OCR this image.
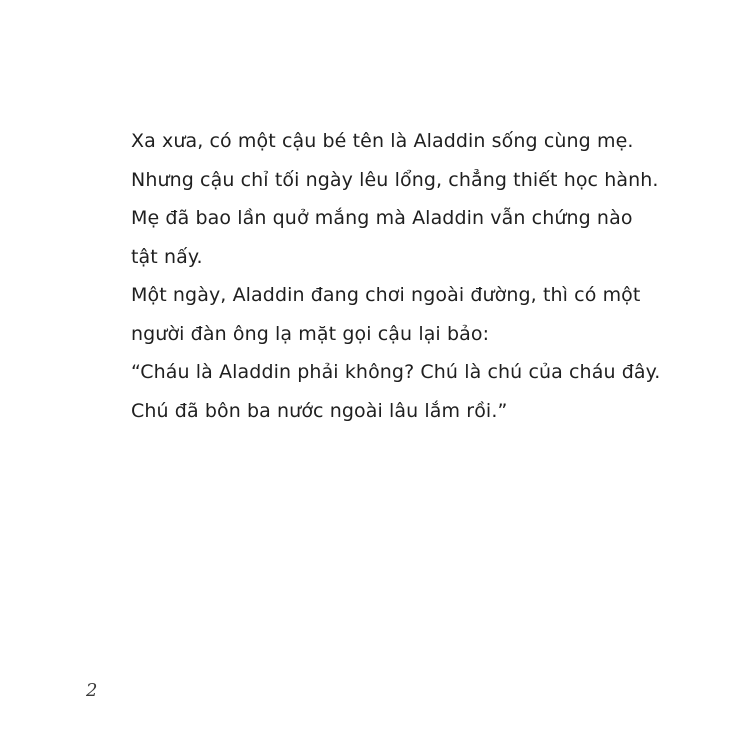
Xa xưa, có một cậu bé tên là Aladdin sống cùng mẹ.
Nhưng cậu chỉ tối ngày lêu lổng, chẳng thiết học hành.
Mẹ đã bao lần quở mắng mà Aladdin vẫn chứng nào
tật nấy.
Một ngày, Aladdin đang chơi ngoài đường, thì có một
người đàn ông lạ mặt gọi cậu lại bảo:
“Cháu là Aladdin phải không? Chú là chú của cháu đây.
Chú đã bôn ba nước ngoài lâu lắm rồi.”
2
